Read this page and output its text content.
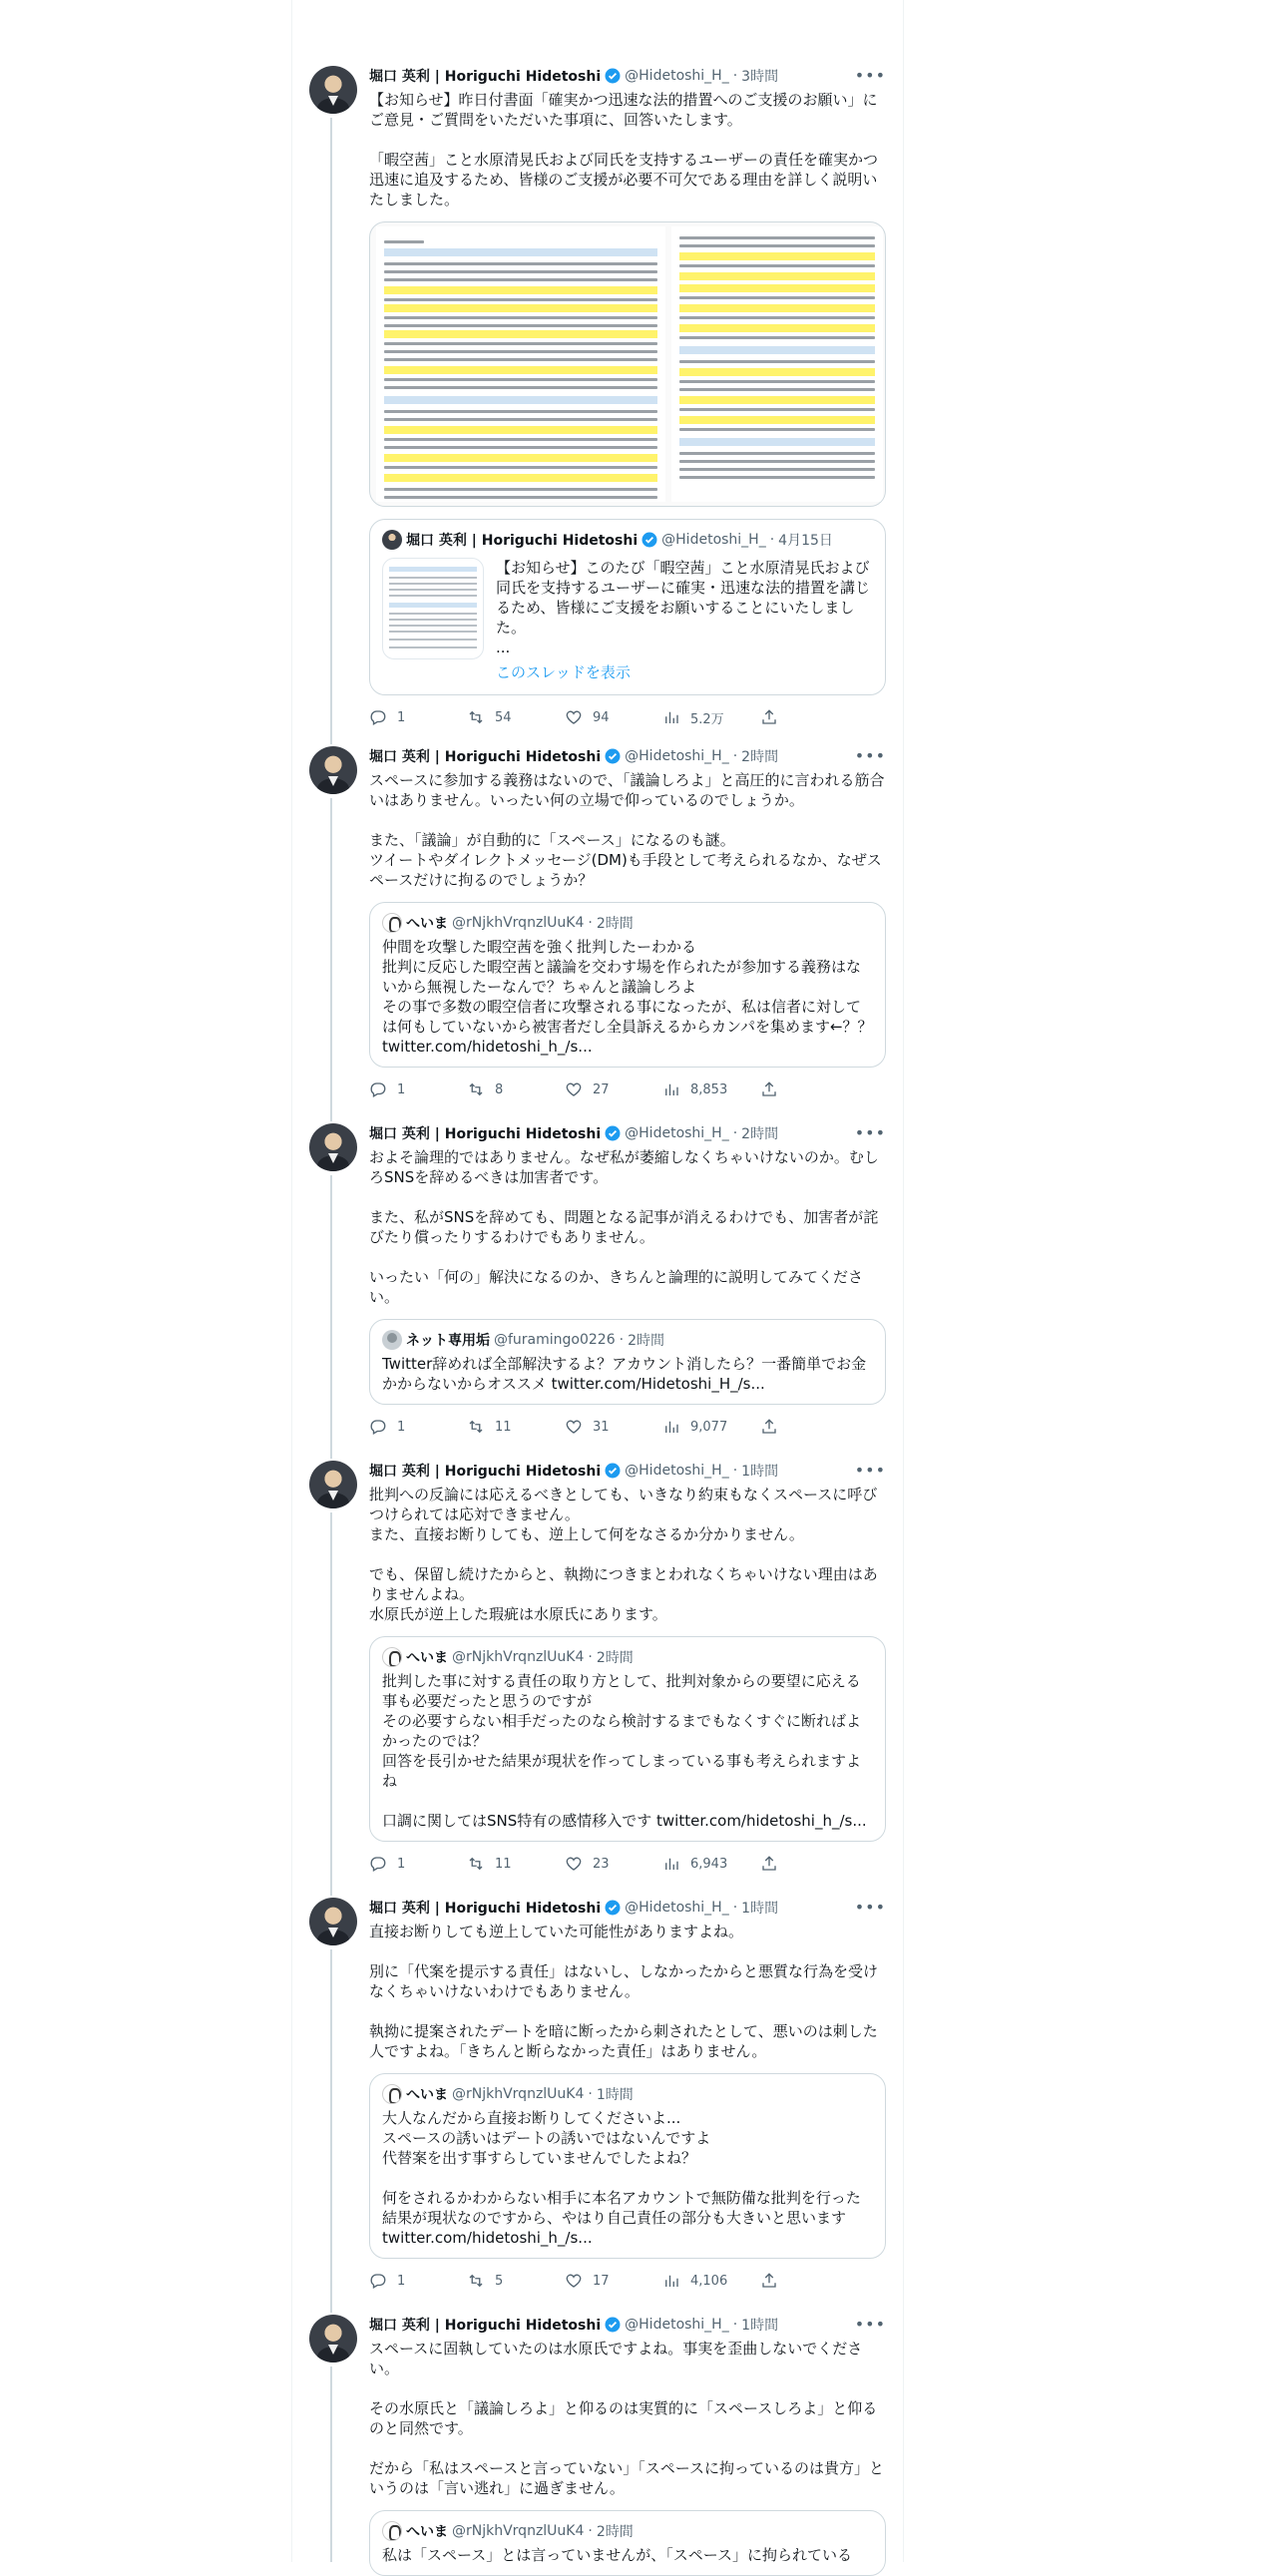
堀口 英利 | Horiguchi Hidetoshi @Hidetoshi_H_ · 3時間	•••
【お知らせ】昨日付書面「確実かつ迅速な法的措置へのご支援のお願い」にご意見・ご質問をいただいた事項に、回答いたします。

「暇空茜」こと水原清晃氏および同氏を支持するユーザーの責任を確実かつ迅速に追及するため、皆様のご支援が必要不可欠である理由を詳しく説明いたしました。
堀口 英利 | Horiguchi Hidetoshi @Hidetoshi_H_ · 4月15日
【お知らせ】このたび「暇空茜」こと水原清晃氏および同氏を支持するユーザーに確実・迅速な法的措置を講じるため、皆様にご支援をお願いすることにいたしました。
...
このスレッドを表示
1	54	94	5.2万
堀口 英利 | Horiguchi Hidetoshi @Hidetoshi_H_ · 2時間	•••
スペースに参加する義務はないので、「議論しろよ」と高圧的に言われる筋合いはありません。いったい何の立場で仰っているのでしょうか。

また、「議論」が自動的に「スペース」になるのも謎。
ツイートやダイレクトメッセージ(DM)も手段として考えられるなか、なぜスペースだけに拘るのでしょうか？
へいま @rNjkhVrqnzlUuK4 · 2時間
仲間を攻撃した暇空茜を強く批判したーわかる
批判に反応した暇空茜と議論を交わす場を作られたが参加する義務はないから無視したーなんで？ちゃんと議論しろよ
その事で多数の暇空信者に攻撃される事になったが、私は信者に対しては何もしていないから被害者だし全員訴えるからカンパを集めます←？？ twitter.com/hidetoshi_h_/s...
1	8	27	8,853
堀口 英利 | Horiguchi Hidetoshi @Hidetoshi_H_ · 2時間	•••
およそ論理的ではありません。なぜ私が萎縮しなくちゃいけないのか。むしろSNSを辞めるべきは加害者です。

また、私がSNSを辞めても、問題となる記事が消えるわけでも、加害者が詫びたり償ったりするわけでもありません。

いったい「何の」解決になるのか、きちんと論理的に説明してみてください。
ネット専用垢 @furamingo0226 · 2時間
Twitter辞めれば全部解決するよ？アカウント消したら？一番簡単でお金かからないからオススメ twitter.com/Hidetoshi_H_/s...
1	11	31	9,077
堀口 英利 | Horiguchi Hidetoshi @Hidetoshi_H_ · 1時間	•••
批判への反論には応えるべきとしても、いきなり約束もなくスペースに呼びつけられては応対できません。
また、直接お断りしても、逆上して何をなさるか分かりません。

でも、保留し続けたからと、執拗につきまとわれなくちゃいけない理由はありませんよね。
水原氏が逆上した瑕疵は水原氏にあります。
へいま @rNjkhVrqnzlUuK4 · 2時間
批判した事に対する責任の取り方として、批判対象からの要望に応える事も必要だったと思うのですが
その必要すらない相手だったのなら検討するまでもなくすぐに断ればよかったのでは？
回答を長引かせた結果が現状を作ってしまっている事も考えられますよね

口調に関してはSNS特有の感情移入です twitter.com/hidetoshi_h_/s...
1	11	23	6,943
堀口 英利 | Horiguchi Hidetoshi @Hidetoshi_H_ · 1時間	•••
直接お断りしても逆上していた可能性がありますよね。

別に「代案を提示する責任」はないし、しなかったからと悪質な行為を受けなくちゃいけないわけでもありません。

執拗に提案されたデートを暗に断ったから刺されたとして、悪いのは刺した人ですよね。「きちんと断らなかった責任」はありません。
へいま @rNjkhVrqnzlUuK4 · 1時間
大人なんだから直接お断りしてくださいよ...
スペースの誘いはデートの誘いではないんですよ
代替案を出す事すらしていませんでしたよね？

何をされるかわからない相手に本名アカウントで無防備な批判を行った結果が現状なのですから、やはり自己責任の部分も大きいと思います twitter.com/hidetoshi_h_/s...
1	5	17	4,106
堀口 英利 | Horiguchi Hidetoshi @Hidetoshi_H_ · 1時間	•••
スペースに固執していたのは水原氏ですよね。事実を歪曲しないでください。

その水原氏と「議論しろよ」と仰るのは実質的に「スペースしろよ」と仰るのと同然です。

だから「私はスペースと言っていない」「スペースに拘っているのは貴方」というのは「言い逃れ」に過ぎません。
へいま @rNjkhVrqnzlUuK4 · 2時間
私は「スペース」とは言っていませんが、「スペース」に拘られている
